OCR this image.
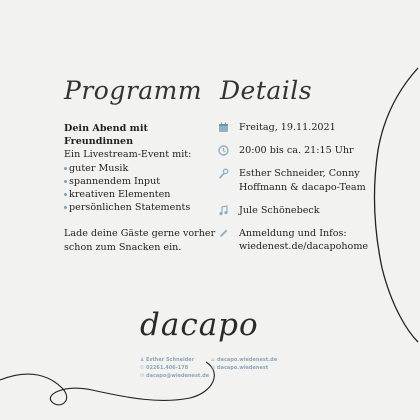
Programm Details
Dein Abend mit Freundinnen
Ein Livestream-Event mit:
guter Musik
spannendem Input
kreativen Elementen
persönlichen Statements
Lade deine Gäste gerne vorher schon zum Snacken ein.
Freitag, 19.11.2021
20:00 bis ca. 21:15 Uhr
Esther Schneider, Conny Hoffmann & dacapo-Team
Jule Schönebeck
Anmeldung und Infos: wiedenest.de/dacapohome
dacapo
♟ Esther Schneider
✆ 02261.406-178
✉ dacapo@wiedenest.de
⌂ dacapo.wiedenest.de
◎ dacapo.wiedenest
